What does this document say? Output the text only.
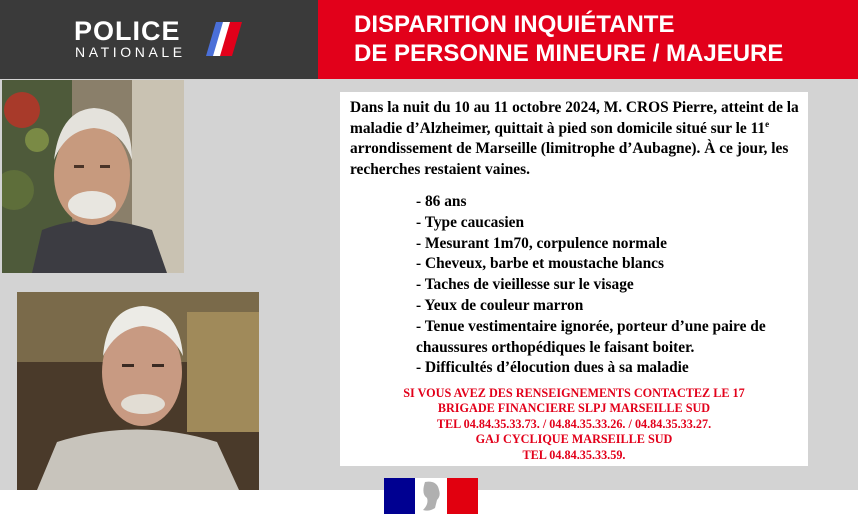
POLICE
NATIONALE
DISPARITION INQUIÉTANTE
DE PERSONNE MINEURE / MAJEURE

Dans la nuit du 10 au 11 octobre 2024, M. CROS Pierre, atteint de la maladie d’Alzheimer, quittait à pied son domicile situé sur le 11e arrondissement de Marseille (limitrophe d’Aubagne). À ce jour, les recherches restaient vaines.

- 86 ans
- Type caucasien
- Mesurant 1m70, corpulence normale
- Cheveux, barbe et moustache blancs
- Taches de vieillesse sur le visage
- Yeux de couleur marron
- Tenue vestimentaire ignorée, porteur d’une paire de chaussures orthopédiques le faisant boiter.
- Difficultés d’élocution dues à sa maladie
SI VOUS AVEZ DES RENSEIGNEMENTS CONTACTEZ LE 17
BRIGADE FINANCIERE SLPJ MARSEILLE SUD
TEL 04.84.35.33.73. / 04.84.35.33.26. / 04.84.35.33.27.
GAJ CYCLIQUE MARSEILLE SUD
TEL 04.84.35.33.59.
